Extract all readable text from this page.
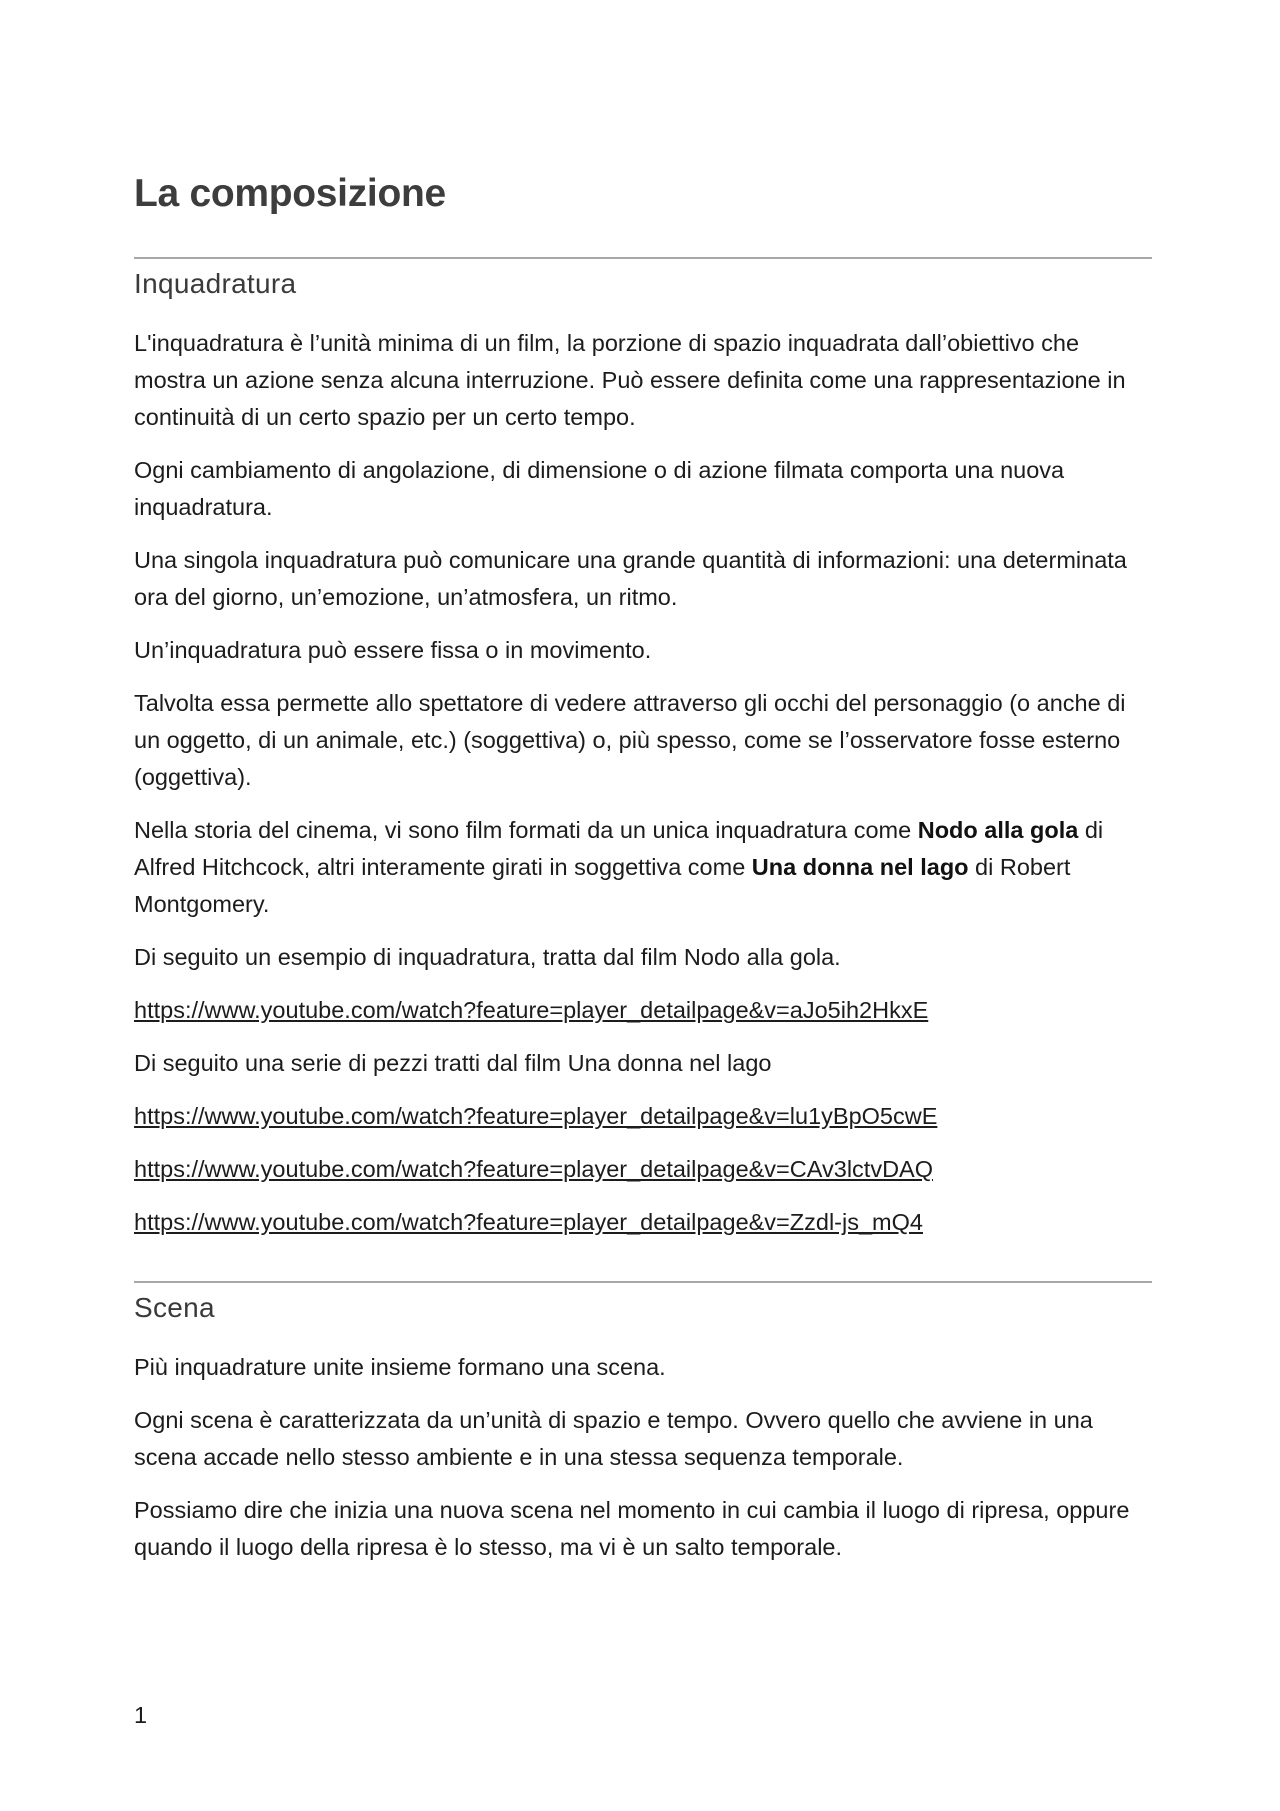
La composizione
Inquadratura

L'inquadratura è l’unità minima di un film, la porzione di spazio inquadrata dall’obiettivo che mostra un azione senza alcuna interruzione. Può essere definita come una rappresentazione in continuità di un certo spazio per un certo tempo.

Ogni cambiamento di angolazione, di dimensione o di azione filmata comporta una nuova inquadratura.

Una singola inquadratura può comunicare una grande quantità di informazioni: una determinata ora del giorno, un’emozione, un’atmosfera, un ritmo.

Un’inquadratura può essere fissa o in movimento.

Talvolta essa permette allo spettatore di vedere attraverso gli occhi del personaggio (o anche di un oggetto, di un animale, etc.) (soggettiva) o, più spesso, come se l’osservatore fosse esterno (oggettiva).

Nella storia del cinema, vi sono film formati da un unica inquadratura come Nodo alla gola di Alfred Hitchcock, altri interamente girati in soggettiva come Una donna nel lago di Robert Montgomery.

Di seguito un esempio di inquadratura, tratta dal film Nodo alla gola.

https://www.youtube.com/watch?feature=player_detailpage&v=aJo5ih2HkxE

Di seguito una serie di pezzi tratti dal film Una donna nel lago

https://www.youtube.com/watch?feature=player_detailpage&v=lu1yBpO5cwE

https://www.youtube.com/watch?feature=player_detailpage&v=CAv3lctvDAQ

https://www.youtube.com/watch?feature=player_detailpage&v=Zzdl-js_mQ4

Scena

Più inquadrature unite insieme formano una scena.

Ogni scena è caratterizzata da un’unità di spazio e tempo. Ovvero quello che avviene in una scena accade nello stesso ambiente e in una stessa sequenza temporale.

Possiamo dire che inizia una nuova scena nel momento in cui cambia il luogo di ripresa, oppure quando il luogo della ripresa è lo stesso, ma vi è un salto temporale.

1
